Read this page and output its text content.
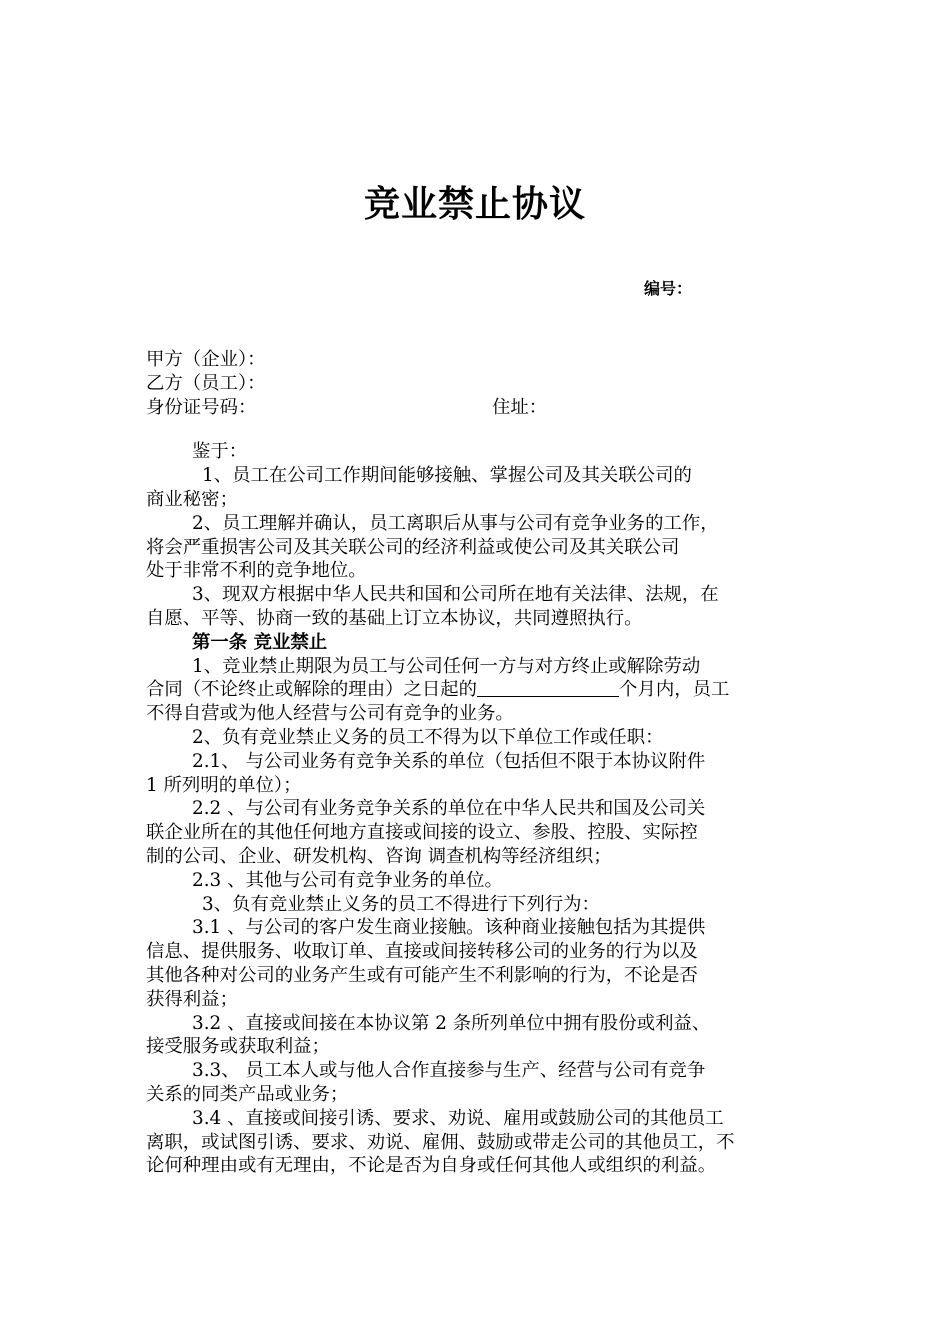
竞业禁止协议
编号：
甲方（企业）：
乙方（员工）：
身份证号码：	住址：
鉴于：
1、员工在公司工作期间能够接触、掌握公司及其关联公司的
商业秘密；
2、员工理解并确认，员工离职后从事与公司有竞争业务的工作，
将会严重损害公司及其关联公司的经济利益或使公司及其关联公司
处于非常不利的竞争地位。
3、现双方根据中华人民共和国和公司所在地有关法律、法规，在
自愿、平等、协商一致的基础上订立本协议，共同遵照执行。
第一条 竞业禁止
1、竞业禁止期限为员工与公司任何一方与对方终止或解除劳动
合同（不论终止或解除的理由）之日起的	个月内，员工
不得自营或为他人经营与公司有竞争的业务。
2、负有竞业禁止义务的员工不得为以下单位工作或任职：
2.1、 与公司业务有竞争关系的单位（包括但不限于本协议附件
1 所列明的单位）；
2.2 、与公司有业务竞争关系的单位在中华人民共和国及公司关
联企业所在的其他任何地方直接或间接的设立、参股、控股、实际控
制的公司、企业、研发机构、咨询 调查机构等经济组织；
2.3 、其他与公司有竞争业务的单位。
3、负有竞业禁止义务的员工不得进行下列行为：
3.1 、与公司的客户发生商业接触。该种商业接触包括为其提供
信息、提供服务、收取订单、直接或间接转移公司的业务的行为以及
其他各种对公司的业务产生或有可能产生不利影响的行为，不论是否
获得利益；
3.2 、直接或间接在本协议第 2 条所列单位中拥有股份或利益、
接受服务或获取利益；
3.3、 员工本人或与他人合作直接参与生产、经营与公司有竞争
关系的同类产品或业务；
3.4 、直接或间接引诱、要求、劝说、雇用或鼓励公司的其他员工
离职，或试图引诱、要求、劝说、雇佣、鼓励或带走公司的其他员工，不
论何种理由或有无理由，不论是否为自身或任何其他人或组织的利益。
